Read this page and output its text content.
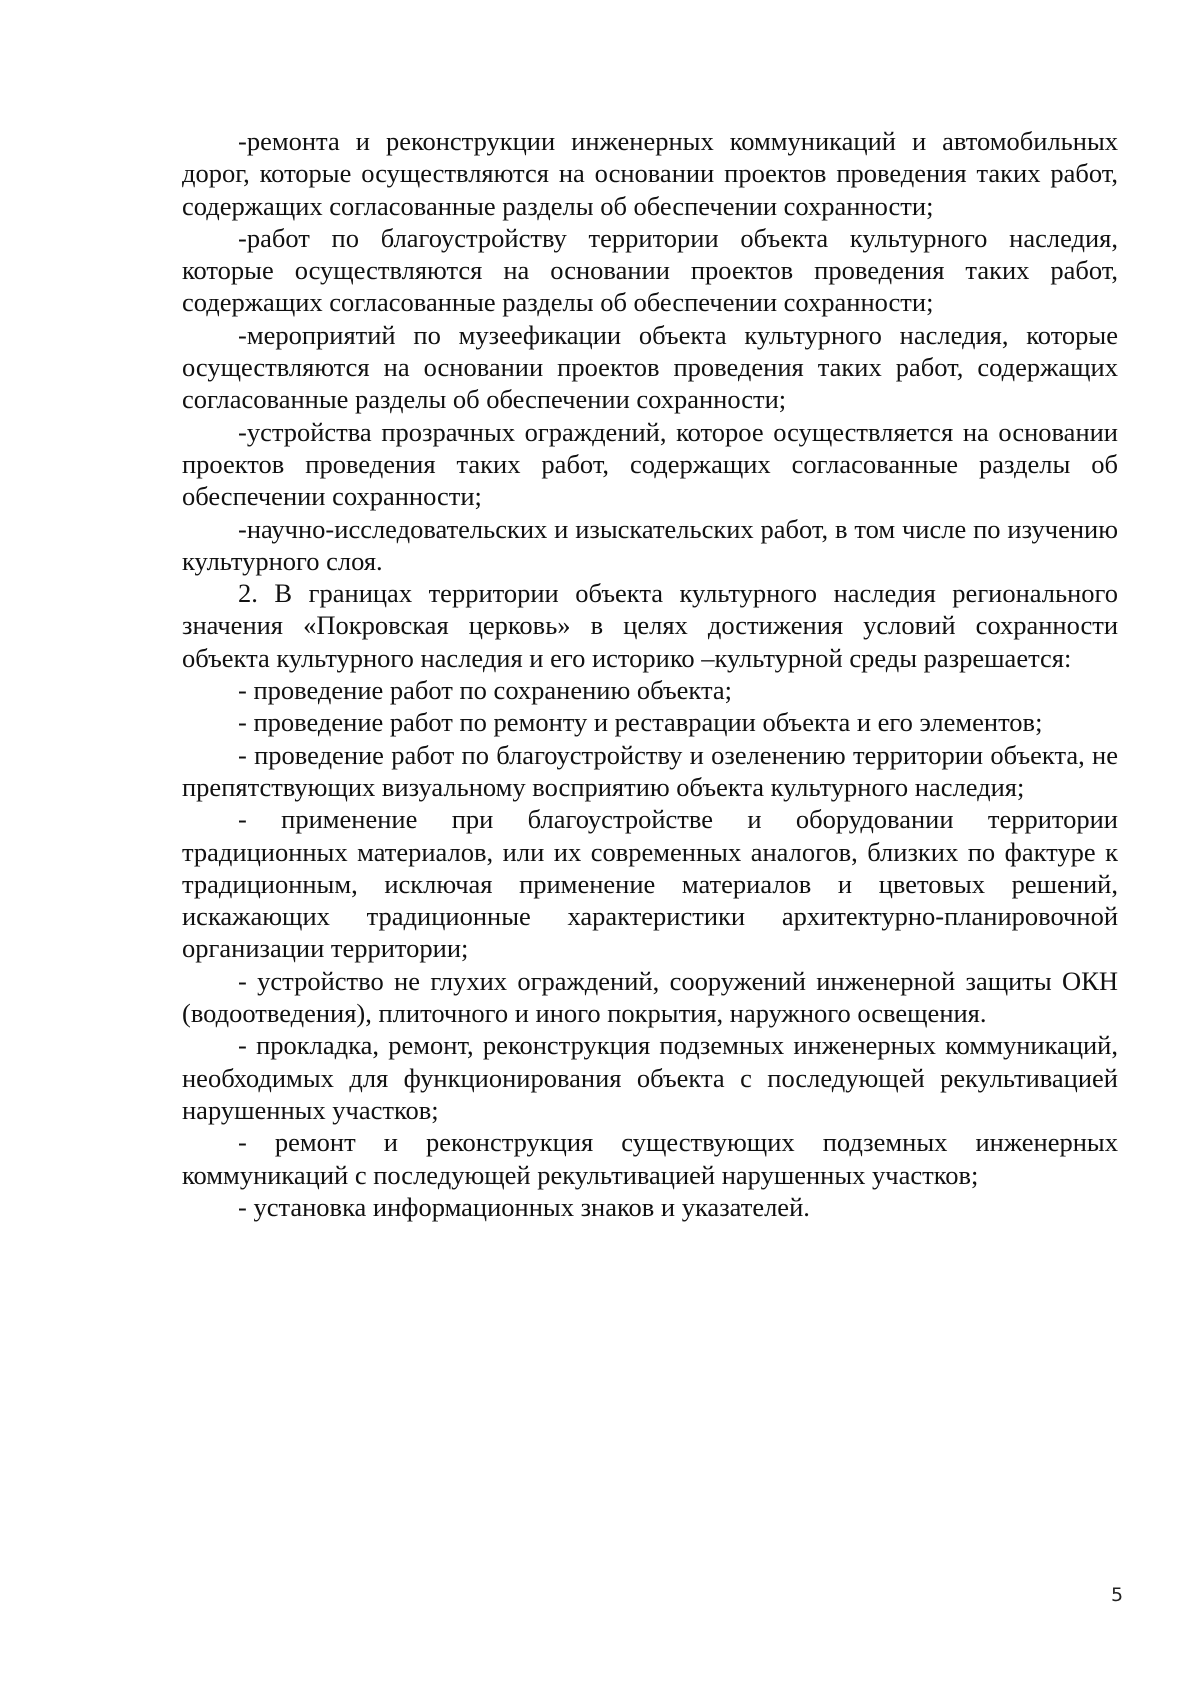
-ремонта и реконструкции инженерных коммуникаций и автомобильных дорог, которые осуществляются на основании проектов проведения таких работ, содержащих согласованные разделы об обеспечении сохранности;

-работ по благоустройству территории объекта культурного наследия, которые осуществляются на основании проектов проведения таких работ, содержащих согласованные разделы об обеспечении сохранности;

-мероприятий по музеефикации объекта культурного наследия, которые осуществляются на основании проектов проведения таких работ, содержащих согласованные разделы об обеспечении сохранности;

-устройства прозрачных ограждений, которое осуществляется на основании проектов проведения таких работ, содержащих согласованные разделы об обеспечении сохранности;

-научно-исследовательских и изыскательских работ, в том числе по изучению культурного слоя.

2. В границах территории объекта культурного наследия регионального значения «Покровская церковь» в целях достижения условий сохранности объекта культурного наследия и его историко –культурной среды разрешается:

- проведение работ по сохранению объекта;

- проведение работ по ремонту и реставрации объекта и его элементов;

- проведение работ по благоустройству и озеленению территории объекта, не препятствующих визуальному восприятию объекта культурного наследия;

- применение при благоустройстве и оборудовании территории традиционных материалов, или их современных аналогов, близких по фактуре к традиционным, исключая применение материалов и цветовых решений, искажающих традиционные характеристики архитектурно-планировочной организации территории;

- устройство не глухих ограждений, сооружений инженерной защиты ОКН (водоотведения), плиточного и иного покрытия, наружного освещения.

- прокладка, ремонт, реконструкция подземных инженерных коммуникаций, необходимых для функционирования объекта с последующей рекультивацией нарушенных участков;

- ремонт и реконструкция существующих подземных инженерных коммуникаций с последующей рекультивацией нарушенных участков;

- установка информационных знаков и указателей.

5
